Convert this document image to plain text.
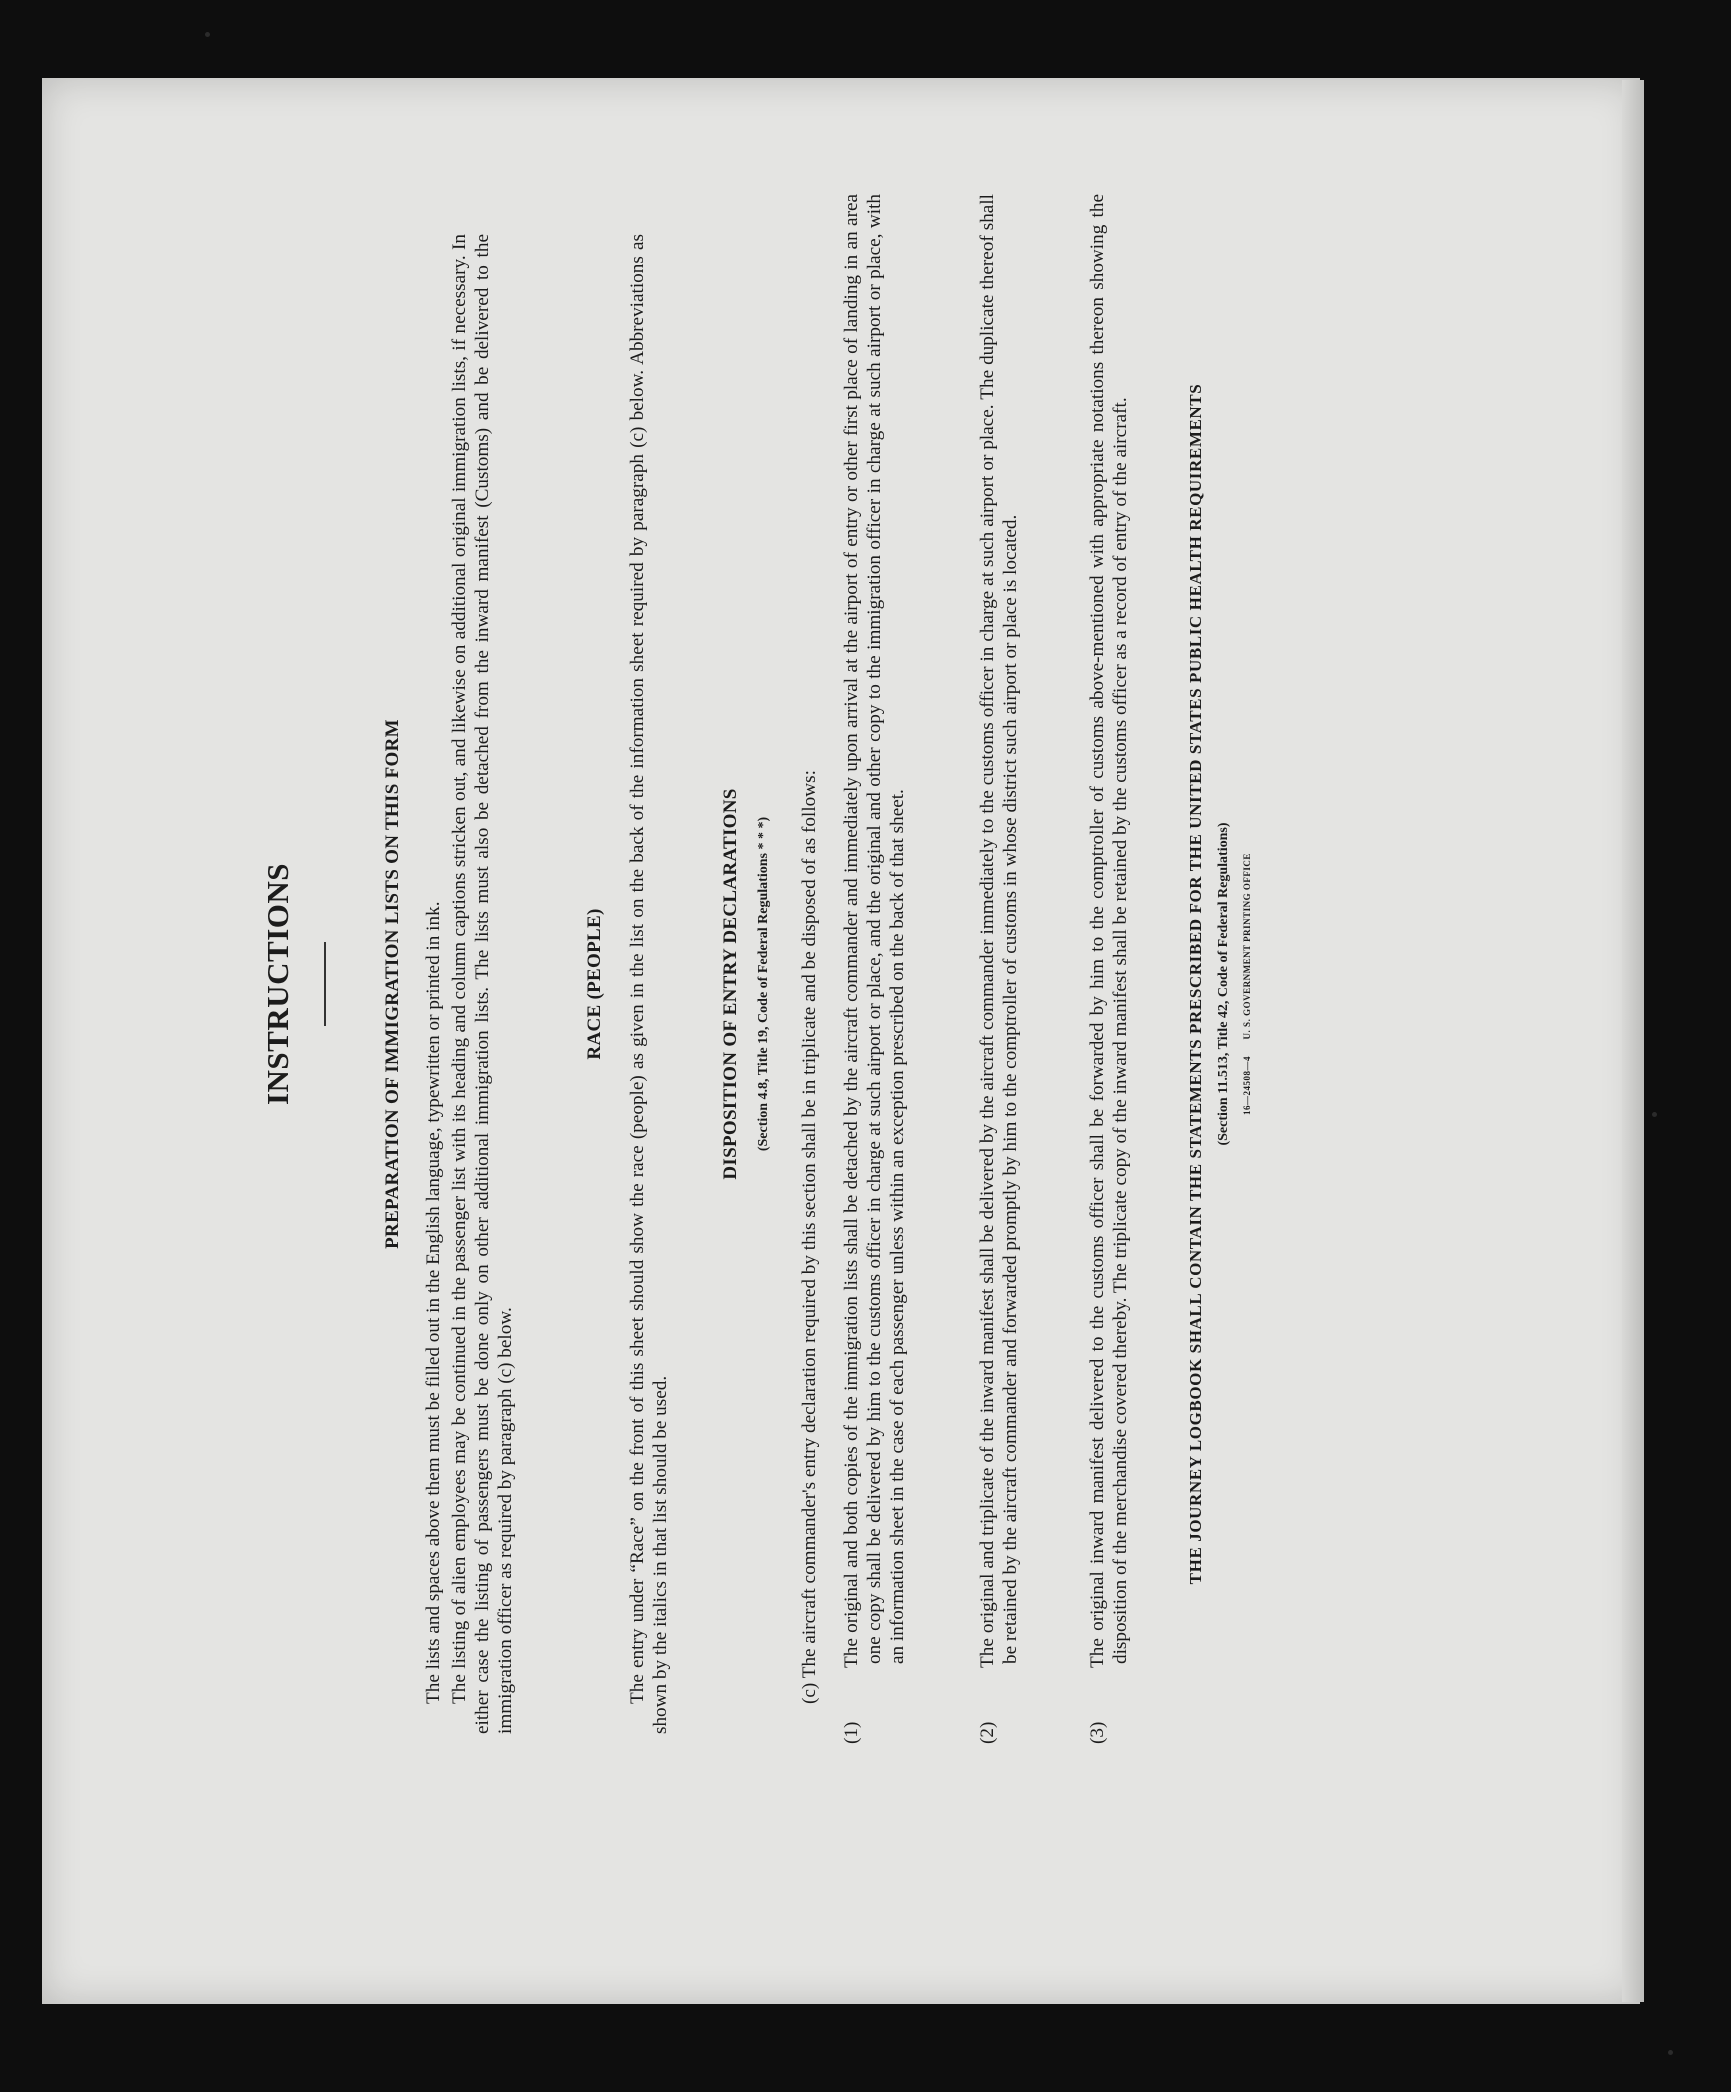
INSTRUCTIONS	PREPARATION OF IMMIGRATION LISTS ON THIS FORM The lists and spaces above them must be filled out in the English language, typewritten or printed in ink. The listing of alien employees may be continued in the passenger list with its heading and column captions stricken out, and likewise on additional original immigration lists, if necessary. In either case the listing of passengers must be done only on other additional immigration lists. The lists must also be detached from the inward manifest (Customs) and be delivered to the immigration officer as required by paragraph (c) below.
RACE (PEOPLE) The entry under “Race” on the front of this sheet should show the race (people) as given in the list on the back of the information sheet required by paragraph (c) below. Abbreviations as shown by the italics in that list should be used.
DISPOSITION OF ENTRY DECLARATIONS (Section 4.8, Title 19, Code of Federal Regulations * * *) (c) The aircraft commander's entry declaration required by this section shall be in triplicate and be disposed of as follows:
(1)The original and both copies of the immigration lists shall be detached by the aircraft commander and immediately upon arrival at the airport of entry or other first place of landing in an area one copy shall be delivered by him to the customs officer in charge at such airport or place, and the original and other copy to the immigration officer in charge at such airport or place, with an information sheet in the case of each passenger unless within an exception prescribed on the back of that sheet.
(2)The original and triplicate of the inward manifest shall be delivered by the aircraft commander immediately to the customs officer in charge at such airport or place. The duplicate thereof shall be retained by the aircraft commander and forwarded promptly by him to the comptroller of customs in whose district such airport or place is located.
(3)The original inward manifest delivered to the customs officer shall be forwarded by him to the comptroller of customs above-mentioned with appropriate notations thereon showing the disposition of the merchandise covered thereby. The triplicate copy of the inward manifest shall be retained by the customs officer as a record of entry of the aircraft.	THE JOURNEY LOGBOOK SHALL CONTAIN THE STATEMENTS PRESCRIBED FOR THE UNITED STATES PUBLIC HEALTH REQUIREMENTS (Section 11.513, Title 42, Code of Federal Regulations) 16—24508—4      U. S. GOVERNMENT PRINTING OFFICE
